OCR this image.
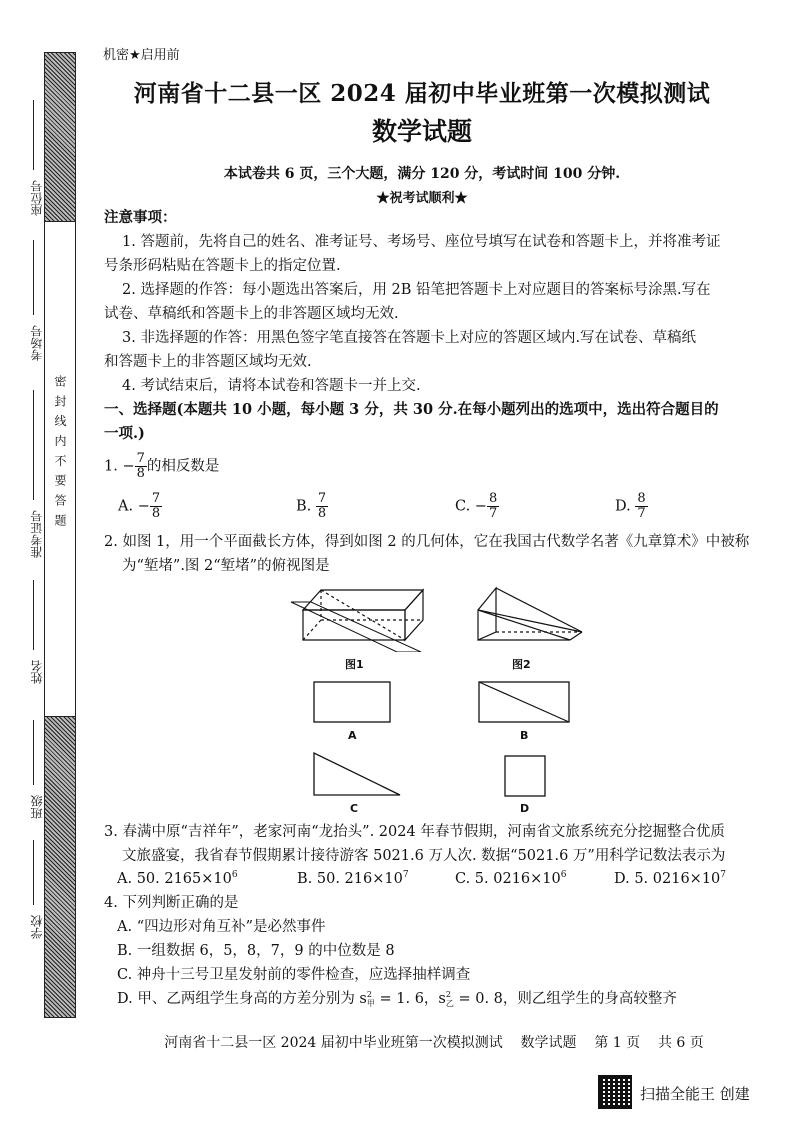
密 封 线 内 不 要 答 题
座位号
考场号
准考证号
姓名
班级
学校
机密★启用前
河南省十二县一区 2024 届初中毕业班第一次模拟测试
数学试题
本试卷共 6 页，三个大题，满分 120 分，考试时间 100 分钟.
★祝考试顺利★

注意事项：

1. 答题前，先将自己的姓名、准考证号、考场号、座位号填写在试卷和答题卡上，并将准考证

号条形码粘贴在答题卡上的指定位置.

2. 选择题的作答：每小题选出答案后，用 2B 铅笔把答题卡上对应题目的答案标号涂黑.写在

试卷、草稿纸和答题卡上的非答题区域均无效.

3. 非选择题的作答：用黑色签字笔直接答在答题卡上对应的答题区域内.写在试卷、草稿纸

和答题卡上的非答题区域均无效.

4. 考试结束后，请将本试卷和答题卡一并上交.

一、选择题(本题共 10 小题，每小题 3 分，共 30 分.在每小题列出的选项中，选出符合题目的

一项.)

1. − $\frac{7}{8}$ 的相反数是
A. − $\frac{7}{8}$	B. $\frac{7}{8}$	C. − $\frac{8}{7}$	D. $\frac{8}{7}$

2. 如图 1，用一个平面截长方体，得到如图 2 的几何体，它在我国古代数学名著《九章算术》中被称

为“堑堵”.图 2“堑堵”的俯视图是

图1	图2
A	B
C	D

3. 春满中原“吉祥年”，老家河南“龙抬头”. 2024 年春节假期，河南省文旅系统充分挖掘整合优质

文旅盛宴，我省春节假期累计接待游客 5021.6 万人次. 数据“5021.6 万”用科学记数法表示为

A. 50. $2165\times 10^6$	B. 50. $216\times 10^7$	C. 5. $0216\times 10^6$	D. 5. $0216\times 10^7$

4. 下列判断正确的是

A. “四边形对角互补”是必然事件

B. 一组数据 6，5，8，7，9 的中位数是 8

C. 神舟十三号卫星发射前的零件检查，应选择抽样调查

D. 甲、乙两组学生身高的方差分别为 s 2
甲 = 1. 6，s 2
乙 = 0. 8，则乙组学生的身高较整齐

河南省十二县一区 2024 届初中毕业班第一次模拟测试    数学试题    第 1 页    共 6 页
扫描全能王 创建
